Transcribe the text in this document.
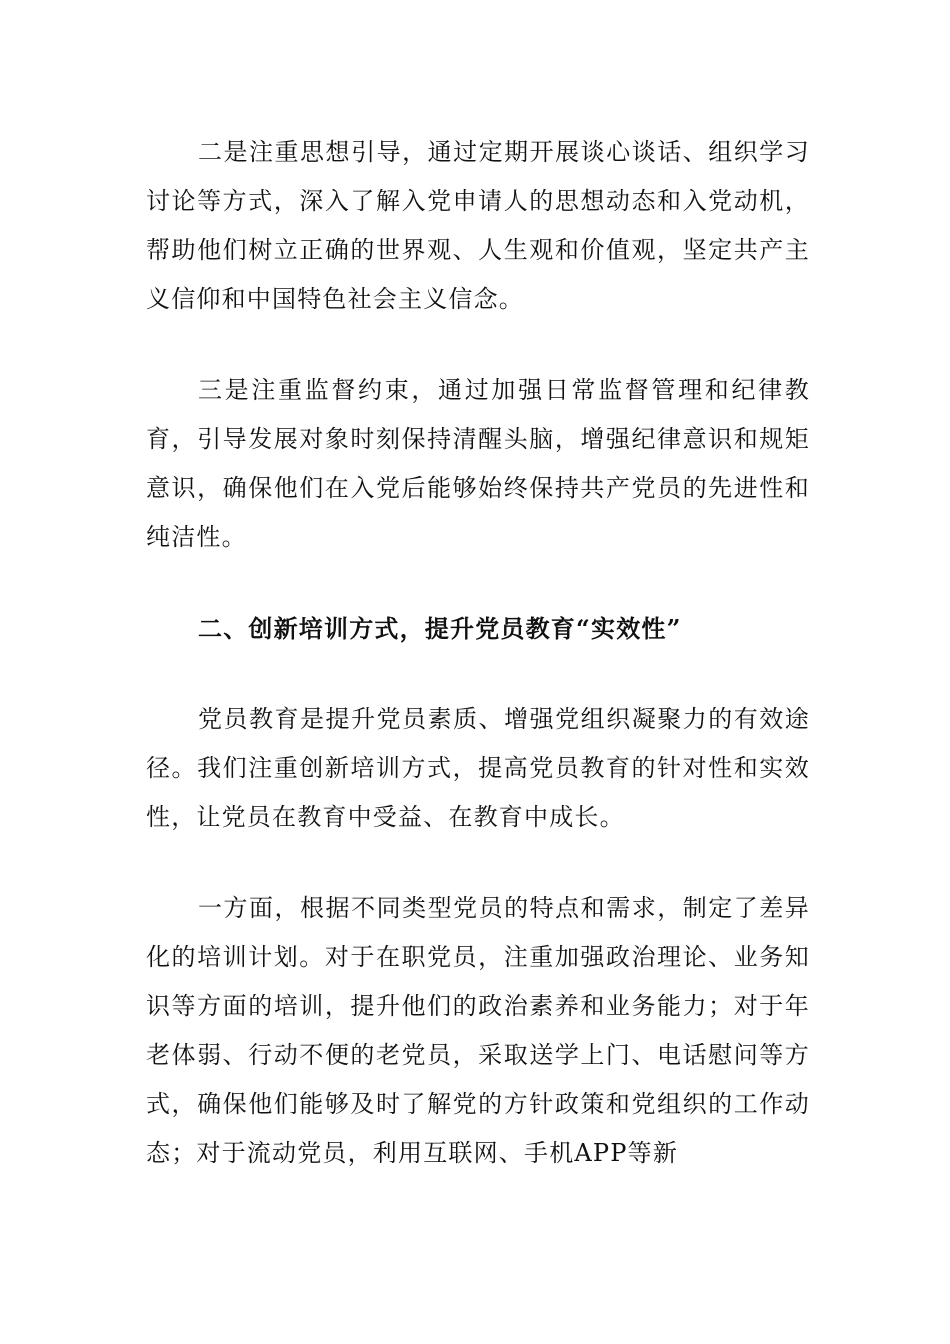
二是注重思想引导，通过定期开展谈心谈话、组织学习讨论等方式，深入了解入党申请人的思想动态和入党动机，帮助他们树立正确的世界观、人生观和价值观，坚定共产主义信仰和中国特色社会主义信念。

三是注重监督约束，通过加强日常监督管理和纪律教育，引导发展对象时刻保持清醒头脑，增强纪律意识和规矩意识，确保他们在入党后能够始终保持共产党员的先进性和纯洁性。

二、创新培训方式，提升党员教育“实效性”

党员教育是提升党员素质、增强党组织凝聚力的有效途径。我们注重创新培训方式，提高党员教育的针对性和实效性，让党员在教育中受益、在教育中成长。

一方面，根据不同类型党员的特点和需求，制定了差异化的培训计划。对于在职党员，注重加强政治理论、业务知识等方面的培训，提升他们的政治素养和业务能力；对于年老体弱、行动不便的老党员，采取送学上门、电话慰问等方式，确保他们能够及时了解党的方针政策和党组织的工作动态；对于流动党员，利用互联网、手机APP等新
